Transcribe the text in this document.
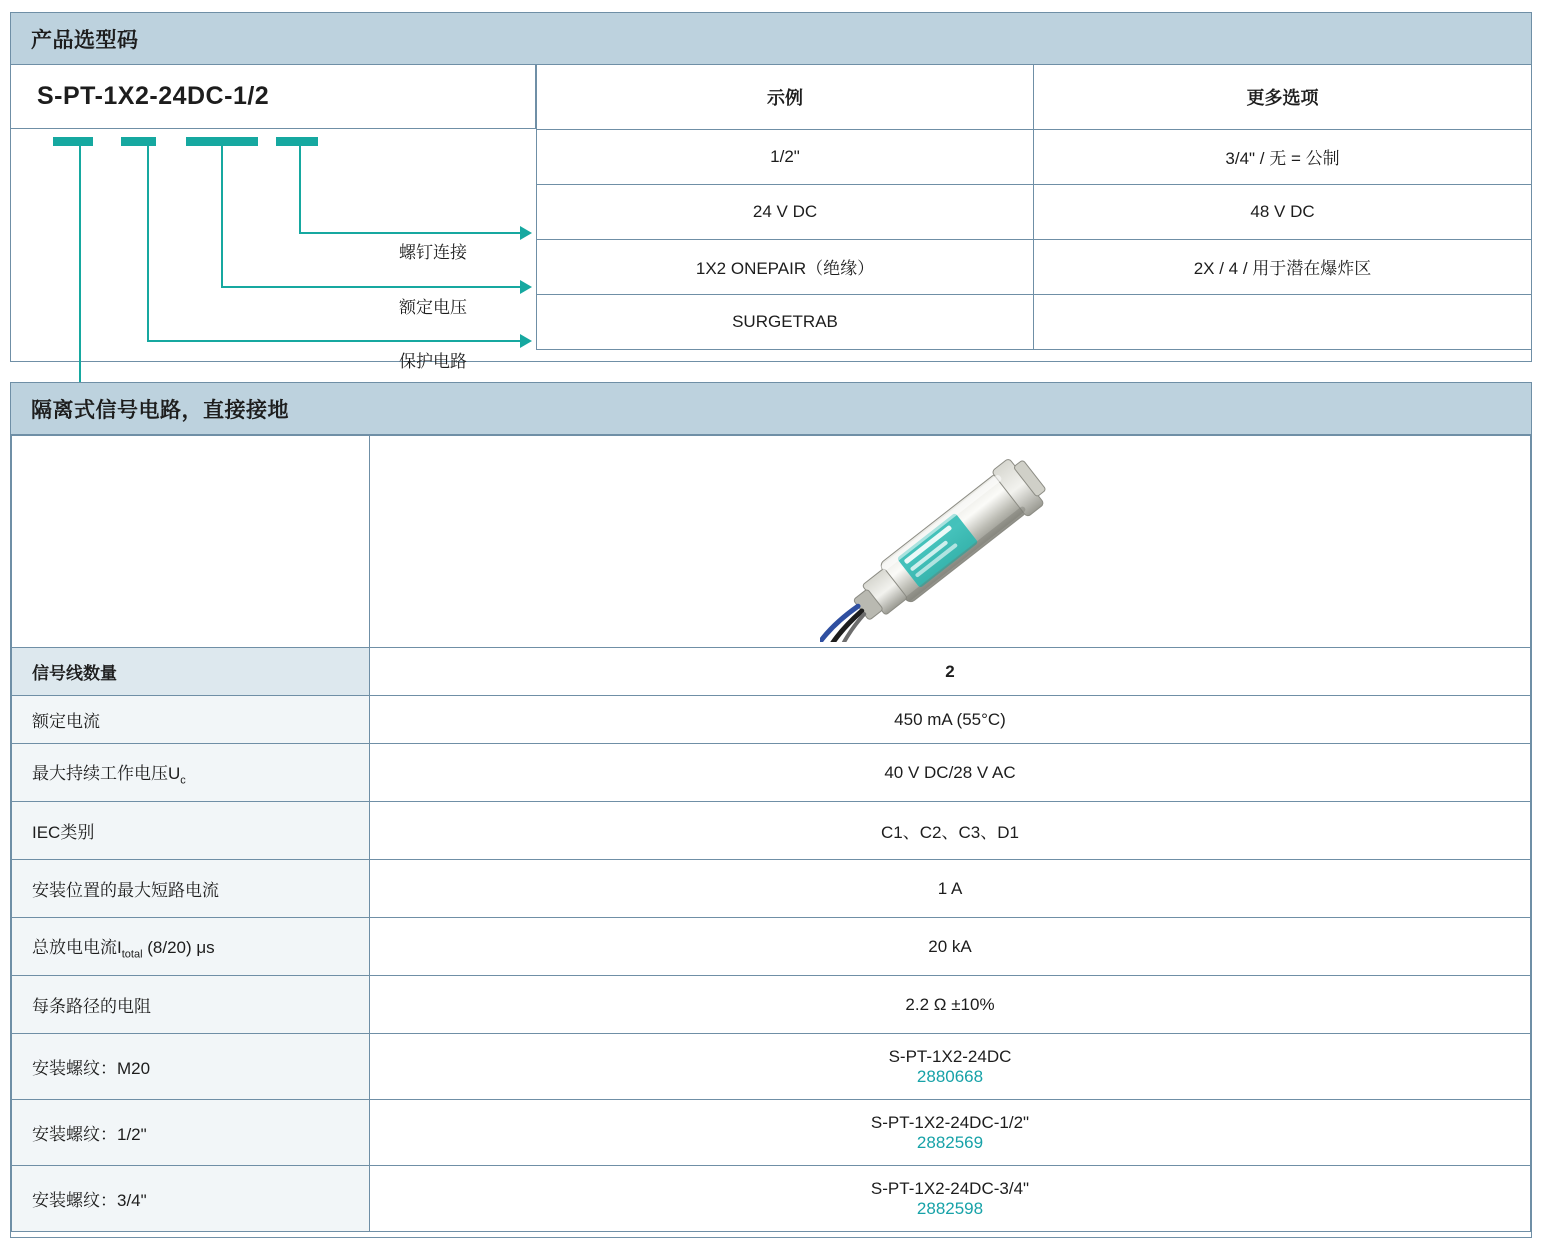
产品选型码
S-PT-1X2-24DC-1/2
螺钉连接
额定电压
保护电路
示例	更多选项
1/2"	3/4" / 无 = 公制
24 V DC	48 V DC
1X2 ONEPAIR（绝缘）	2X / 4 / 用于潜在爆炸区
SURGETRAB	
隔离式信号电路，直接接地

信号线数量	2
额定电流	450 mA (55°C)
最大持续工作电压$U_c$	40 V DC/28 V AC
IEC类别	C1、C2、C3、D1
安装位置的最大短路电流	1 A
总放电电流$I_{total}$ (8/20) μs	20 kA
每条路径的电阻	2.2 Ω ±10%
安装螺纹：M20	S-PT-1X2-24DC
2880668

安装螺纹：1/2"	S-PT-1X2-24DC-1/2"
2882569

安装螺纹：3/4"	S-PT-1X2-24DC-3/4"
2882598
